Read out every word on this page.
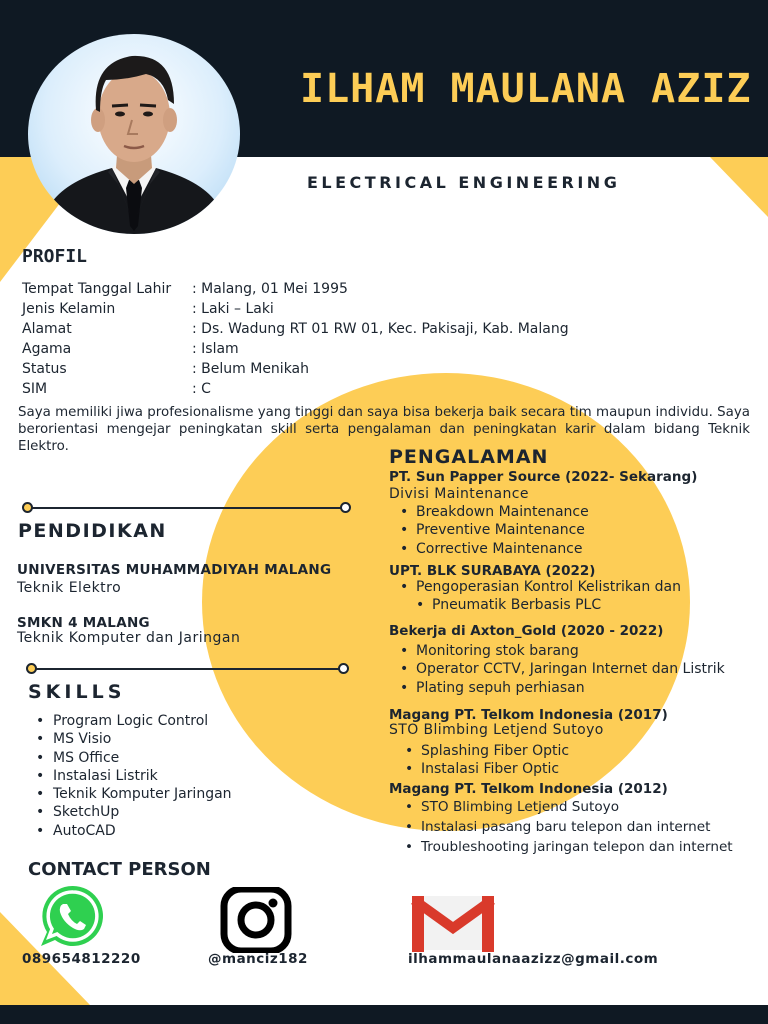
ILHAM MAULANA AZIZ
ELECTRICAL ENGINEERING
PROFIL
Tempat Tanggal Lahir	: Malang, 01 Mei 1995
Jenis Kelamin	: Laki – Laki
Alamat	: Ds. Wadung RT 01 RW 01, Kec. Pakisaji, Kab. Malang
Agama	: Islam
Status	: Belum Menikah
SIM	: C
Saya memiliki jiwa profesionalisme yang tinggi dan saya bisa bekerja baik secara tim maupun individu. Saya berorientasi mengejar peningkatan skill serta pengalaman dan peningkatan karir dalam bidang Teknik Elektro.
PENDIDIKAN
UNIVERSITAS MUHAMMADIYAH MALANG
Teknik Elektro
SMKN 4 MALANG
Teknik Komputer dan Jaringan
SKILLS
• Program Logic Control
• MS Visio
• MS Office
• Instalasi Listrik
• Teknik Komputer Jaringan
• SketchUp
• AutoCAD
PENGALAMAN
PT. Sun Papper Source (2022- Sekarang)
Divisi Maintenance
• Breakdown Maintenance
• Preventive Maintenance
• Corrective Maintenance
UPT. BLK SURABAYA (2022)
• Pengoperasian Kontrol Kelistrikan dan
• Pneumatik Berbasis PLC
Bekerja di Axton_Gold (2020 - 2022)
• Monitoring stok barang
• Operator CCTV, Jaringan Internet dan Listrik
• Plating sepuh perhiasan
Magang PT. Telkom Indonesia (2017)
STO Blimbing Letjend Sutoyo
• Splashing Fiber Optic
• Instalasi Fiber Optic
Magang PT. Telkom Indonesia (2012)
• STO Blimbing Letjend Sutoyo
• Instalasi pasang baru telepon dan internet
• Troubleshooting jaringan telepon dan internet
CONTACT PERSON
089654812220	@manciz182	ilhammaulanaazizz@gmail.com
